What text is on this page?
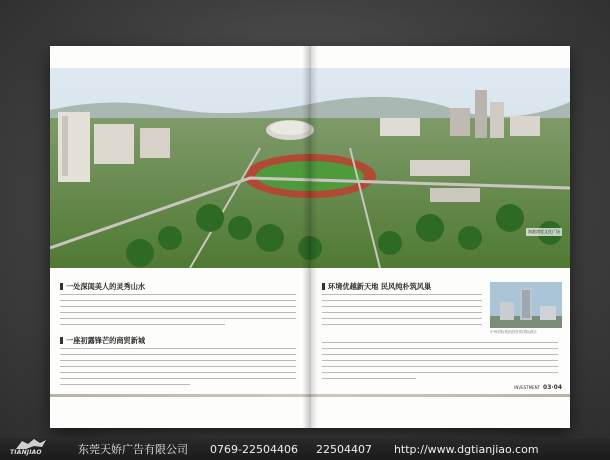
海港湾度文化广场
一处深闺美人的灵秀山水
一座初露锋芒的商贸新城
环境优越新天地 民风纯朴筑风巢
中州国际集团投资的国际酒店
INVESTMENT 03·04
TIANJIAO	东莞天娇广告有限公司 0769-22504406 22504407 http://www.dgtianjiao.com
